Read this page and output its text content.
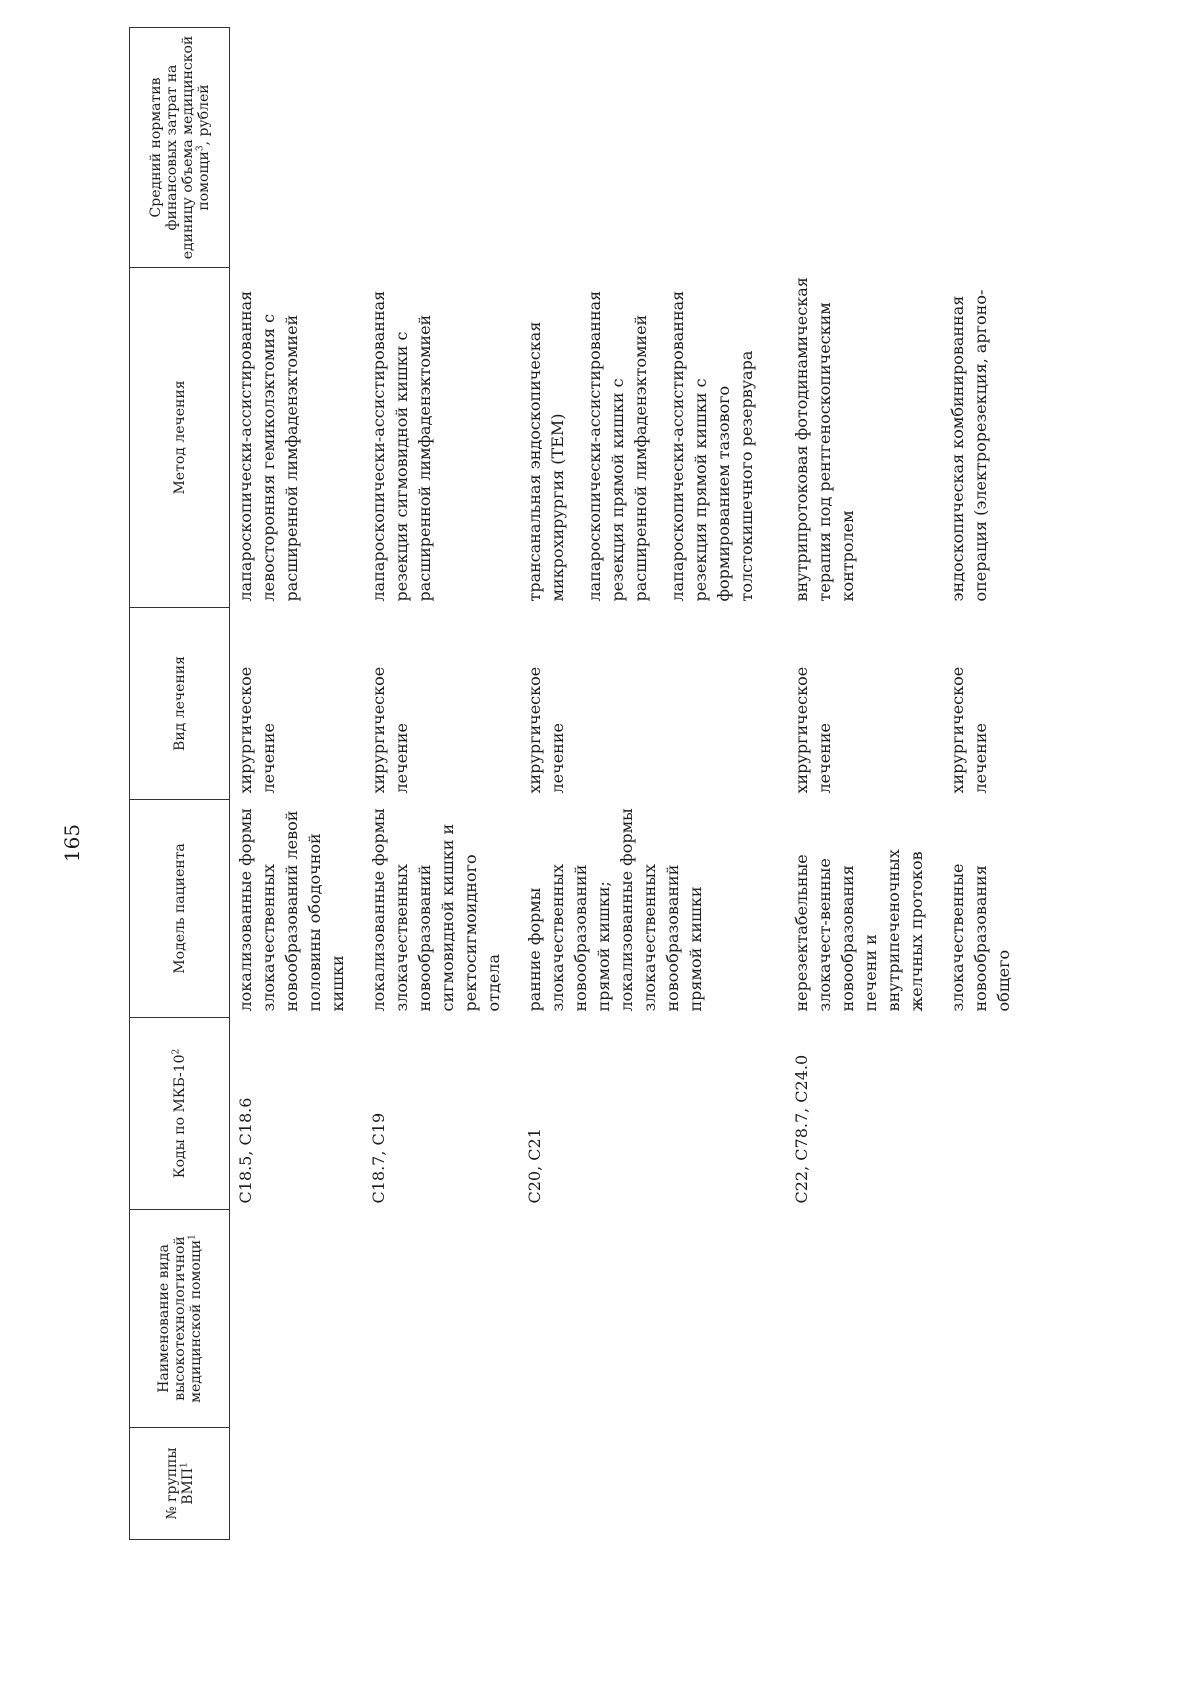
165
№ группы ВМП$^1$	Наименование вида высокотехнологичной медицинской помощи$^1$	Коды по МКБ-$10^2$	Модель пациента	Вид лечения	Метод лечения	Средний норматив финансовых затрат на единицу объема медицинской помощи$^3$, рублей
		C18.5, C18.6	локализованные формы злокачественных новообразований левой половины ободочной кишки	хирургическое лечение	лапароскопически-ассистированная левосторонняя гемиколэктомия с расширенной лимфаденэктомией	

		C18.7, C19	локализованные формы злокачественных новообразований сигмовидной кишки и ректосигмоидного отдела	хирургическое лечение	лапароскопически-ассистированная резекция сигмовидной кишки с расширенной лимфаденэктомией	

		C20, C21	ранние формы злокачественных новообразований прямой кишки; локализованные формы злокачественных новообразований прямой кишки	хирургическое лечение	трансанальная эндоскопическая микрохирургия (ТЕМ) лапароскопически-ассистированная резекция прямой кишки с расширенной лимфаденэктомией лапароскопически-ассистированная резекция прямой кишки с формированием тазового толстокишечного резервуара	

		C22, C78.7, C24.0	нерезектабельные злокачест-венные новообразования печени и внутрипеченочных желчных протоков	хирургическое лечение	внутрипротоковая фотодинамическая терапия под рентгеноскопическим контролем	

			злокачественные новообразования общего	хирургическое лечение	эндоскопическая комбинированная операция (электрорезекция, аргоно-	
